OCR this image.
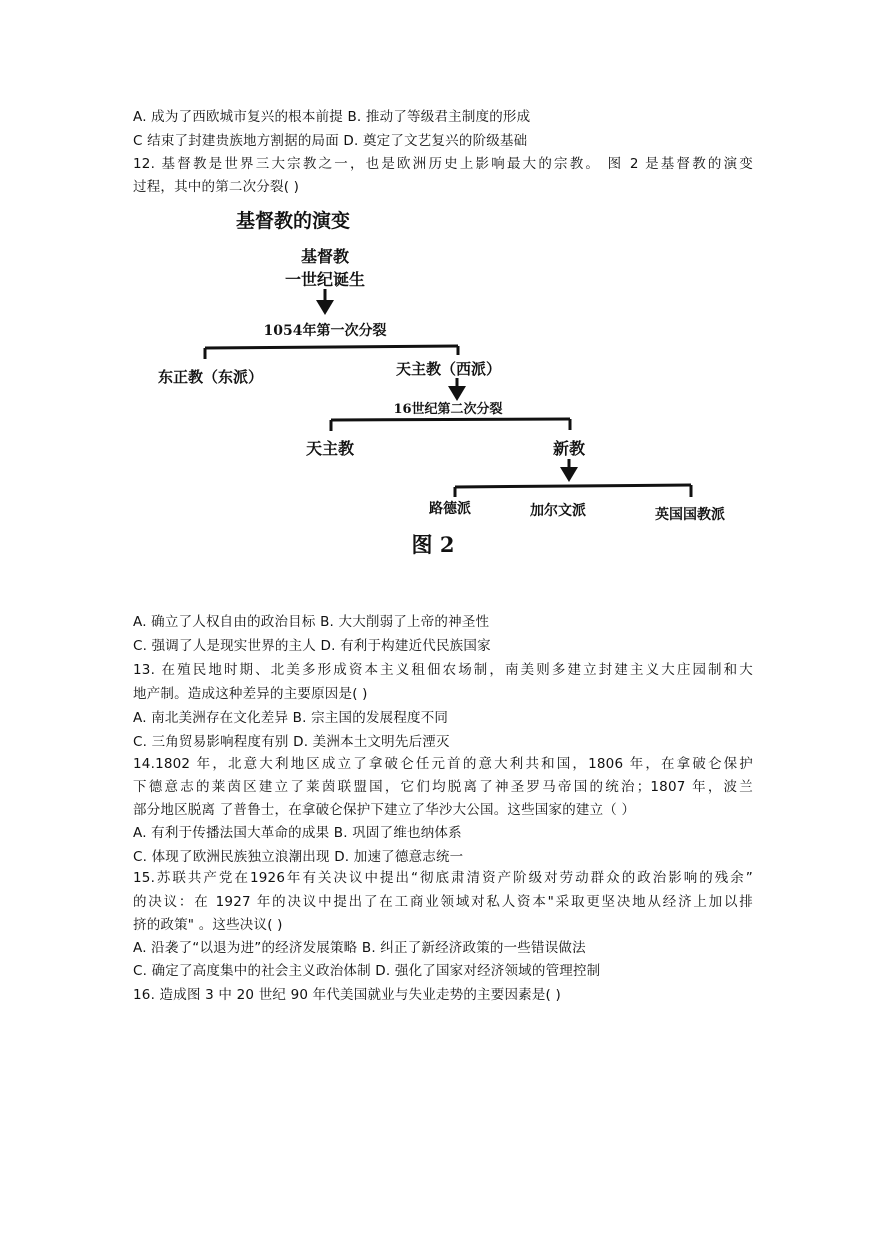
A. 成为了西欧城市复兴的根本前提 B. 推动了等级君主制度的形成
C 结束了封建贵族地方割据的局面 D. 奠定了文艺复兴的阶级基础
12. 基督教是世界三大宗教之一，也是欧洲历史上影响最大的宗教。 图 2 是基督教的演变
过程，其中的第二次分裂( )
基督教的演变
基督教
一世纪诞生
1054年第一次分裂
东正教（东派）	天主教（西派）
16世纪第二次分裂
天主教	新教
路德派	加尔文派	英国国教派
图 2
A. 确立了人权自由的政治目标 B. 大大削弱了上帝的神圣性
C. 强调了人是现实世界的主人 D. 有利于构建近代民族国家
13. 在殖民地时期、北美多形成资本主义租佃农场制，南美则多建立封建主义大庄园制和大
地产制。造成这种差异的主要原因是( )
A. 南北美洲存在文化差异 B. 宗主国的发展程度不同
C. 三角贸易影响程度有别 D. 美洲本土文明先后湮灭
14.1802 年，北意大利地区成立了拿破仑任元首的意大利共和国，1806 年，在拿破仑保护
下德意志的莱茵区建立了莱茵联盟国，它们均脱离了神圣罗马帝国的统治；1807 年，波兰
部分地区脱离 了普鲁士，在拿破仑保护下建立了华沙大公国。这些国家的建立（ ）
A. 有利于传播法国大革命的成果 B. 巩固了维也纳体系
C. 体现了欧洲民族独立浪潮出现 D. 加速了德意志统一
15.苏联共产党在1926年有关决议中提出“彻底肃清资产阶级对劳动群众的政治影响的残余”
的决议：在 1927 年的决议中提出了在工商业领域对私人资本"采取更坚决地从经济上加以排
挤的政策" 。这些决议( )
A. 沿袭了“以退为进”的经济发展策略 B. 纠正了新经济政策的一些错误做法
C. 确定了高度集中的社会主义政治体制 D. 强化了国家对经济领域的管理控制
16. 造成图 3 中 20 世纪 90 年代美国就业与失业走势的主要因素是( )
